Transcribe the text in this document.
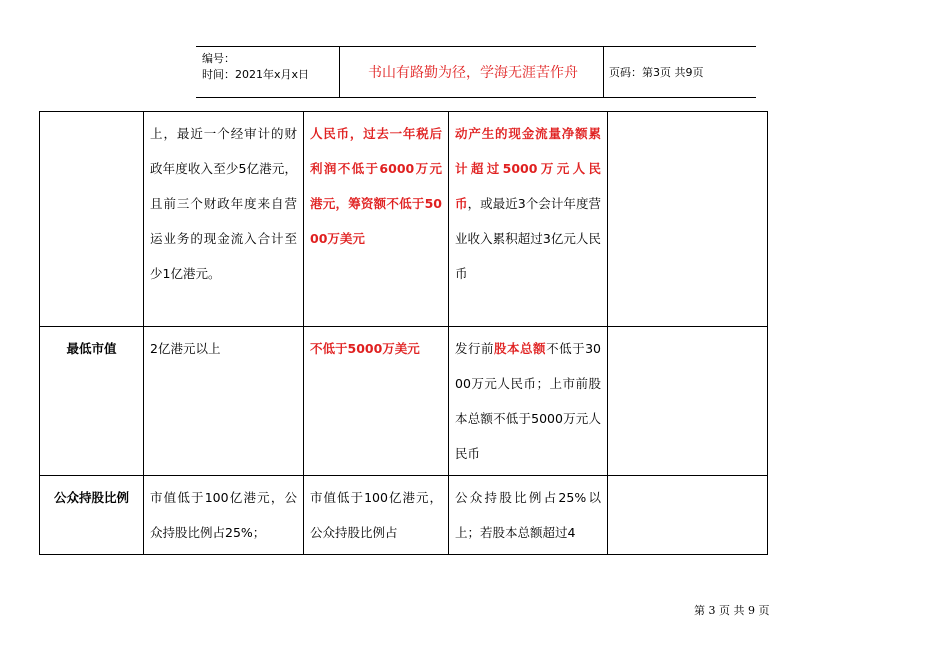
编号：
时间：2021年x月x日	书山有路勤为径，学海无涯苦作舟	页码：第3页 共9页
	上，最近一个经审计的财政年度收入至少5亿港元，且前三个财政年度来自营运业务的现金流入合计至少1亿港元。	人民币，过去一年税后利润不低于6000万元港元，筹资额不低于5000万美元	动产生的现金流量净额累计超过5000万元人民币，或最近3个会计年度营业收入累积超过3亿元人民币	
最低市值	2亿港元以上	不低于5000万美元	发行前股本总额不低于3000万元人民币；上市前股本总额不低于5000万元人民币	
公众持股比例	市值低于100亿港元，公众持股比例占25%；	市值低于100亿港元，公众持股比例占	公众持股比例占25%以上；若股本总额超过4	
第 3 页 共 9 页
